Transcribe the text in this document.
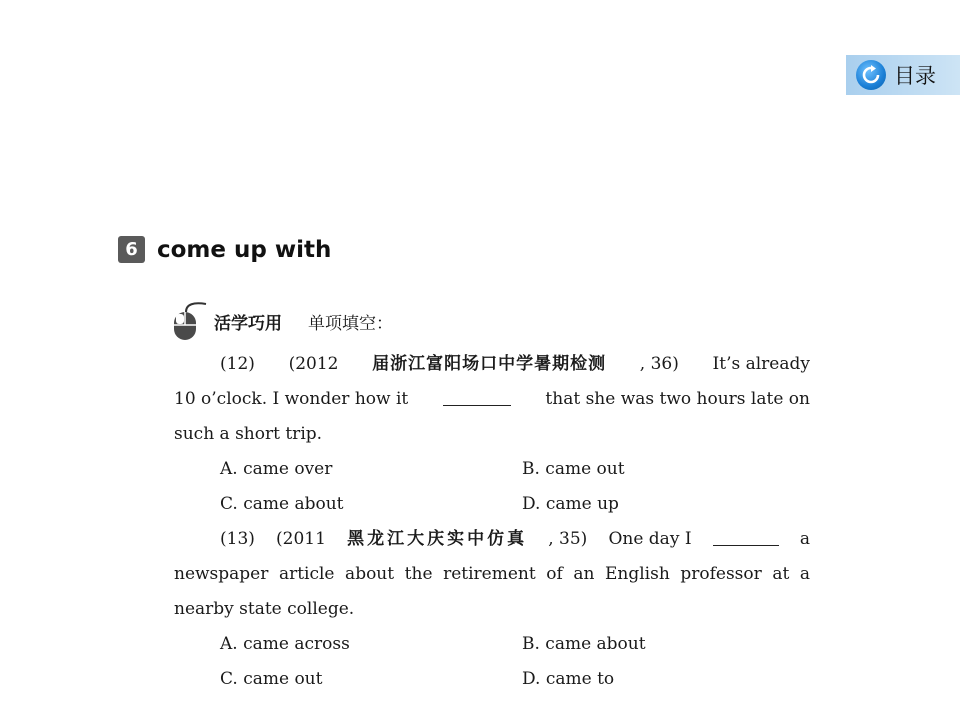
目录
6 come up with
活学巧用 单项填空：
(12) (2012 届浙江富阳场口中学暑期检测 , 36) It’s already
10 o’clock. I wonder how it	that she was two hours late on
such a short trip.
A. came over	B. came out
C. came about	D. came up
(13) (2011 黑龙江大庆实中仿真 , 35) One day I	a
newspaper article about the retirement of an English professor at a
nearby state college.
A. came across	B. came about
C. came out	D. came to
